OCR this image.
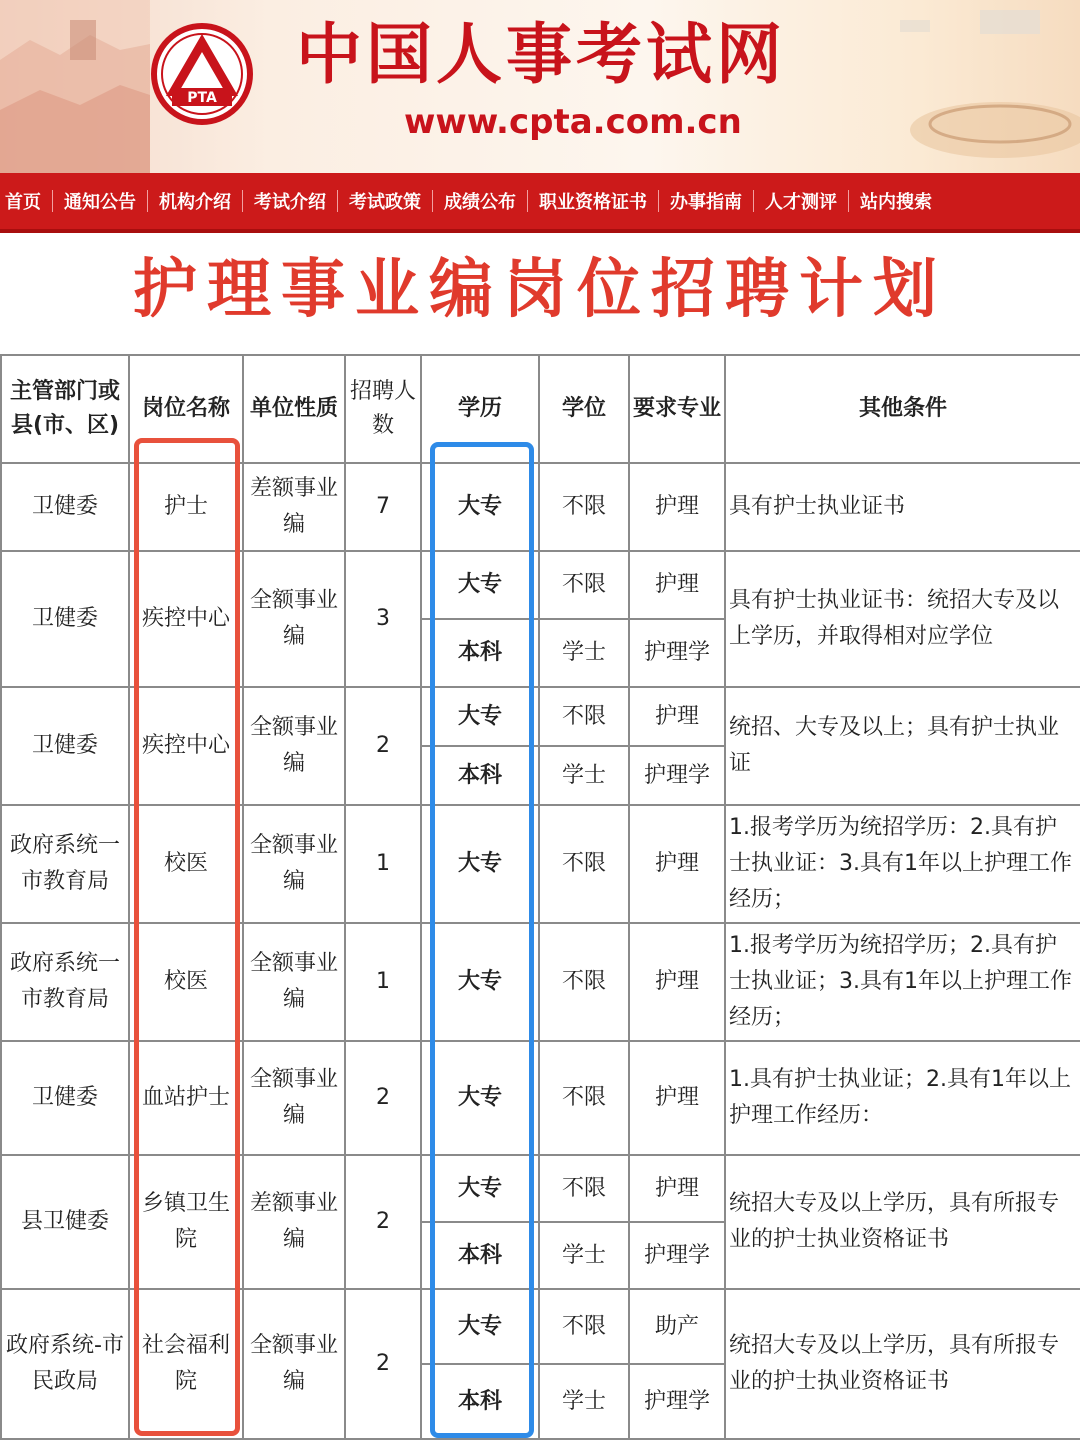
PTA
中国人事考试网
www.cpta.com.cn
首页 通知公告 机构介绍 考试介绍 考试政策 成绩公布 职业资格证书 办事指南 人才测评 站内搜索
护理事业编岗位招聘计划
主管部门或县(市、区)	岗位名称	单位性质	招聘人数	学历	学位	要求专业	其他条件
卫健委	护士	差额事业编	7	大专	不限	护理	具有护士执业证书
卫健委	疾控中心	全额事业编	3	大专	不限	护理	具有护士执业证书：统招大专及以上学历，并取得相对应学位
				本科	学士	护理学	
卫健委	疾控中心	全额事业编	2	大专	不限	护理	统招、大专及以上；具有护士执业证
				本科	学士	护理学	
政府系统一市教育局	校医	全额事业编	1	大专	不限	护理	1.报考学历为统招学历：2.具有护士执业证：3.具有1年以上护理工作经历；
政府系统一市教育局	校医	全额事业编	1	大专	不限	护理	1.报考学历为统招学历；2.具有护士执业证；3.具有1年以上护理工作经历；
卫健委	血站护士	全额事业编	2	大专	不限	护理	1.具有护士执业证；2.具有1年以上护理工作经历：
县卫健委	乡镇卫生院	差额事业编	2	大专	不限	护理	统招大专及以上学历，具有所报专业的护士执业资格证书
				本科	学士	护理学	
政府系统-市民政局	社会福利院	全额事业编	2	大专	不限	助产	统招大专及以上学历，具有所报专业的护士执业资格证书
				本科	学士	护理学	
